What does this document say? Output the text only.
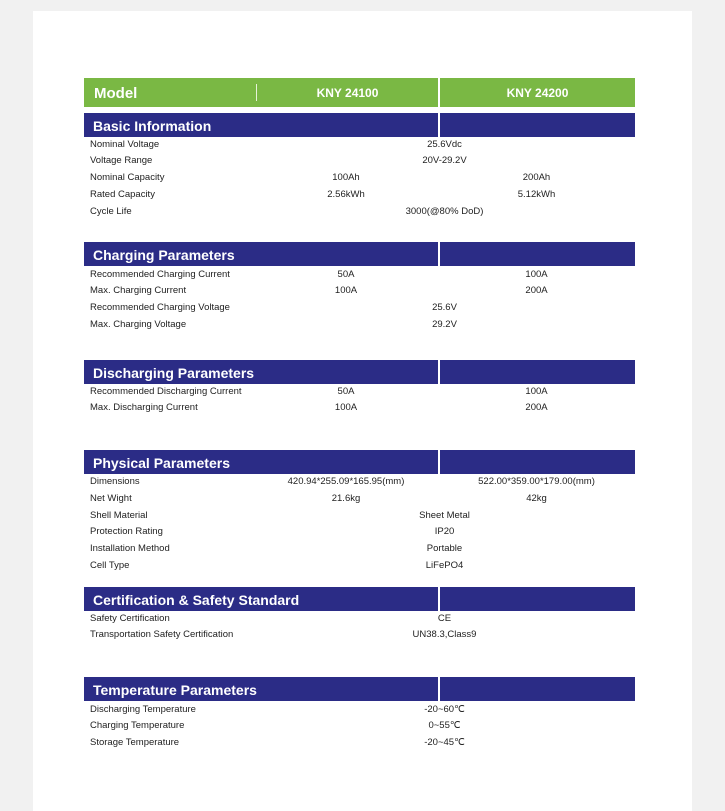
Model	KNY 24100	KNY 24200
Basic Information
Nominal Voltage	25.6Vdc
Voltage Range	20V-29.2V
Nominal Capacity	100Ah	200Ah
Rated Capacity	2.56kWh	5.12kWh
Cycle Life	3000(@80% DoD)
Charging Parameters
Recommended Charging Current	50A	100A
Max. Charging Current	100A	200A
Recommended Charging Voltage	25.6V
Max. Charging Voltage	29.2V
Discharging Parameters
Recommended Discharging Current	50A	100A
Max. Discharging Current	100A	200A
Physical Parameters
Dimensions	420.94*255.09*165.95(mm)	522.00*359.00*179.00(mm)
Net Wight	21.6kg	42kg
Shell Material	Sheet Metal
Protection Rating	IP20
Installation Method	Portable
Cell Type	LiFePO4
Certification & Safety Standard
Safety Certification	CE
Transportation Safety Certification	UN38.3,Class9
Temperature Parameters
Discharging Temperature	-20~60℃
Charging Temperature	0~55℃
Storage Temperature	-20~45℃
